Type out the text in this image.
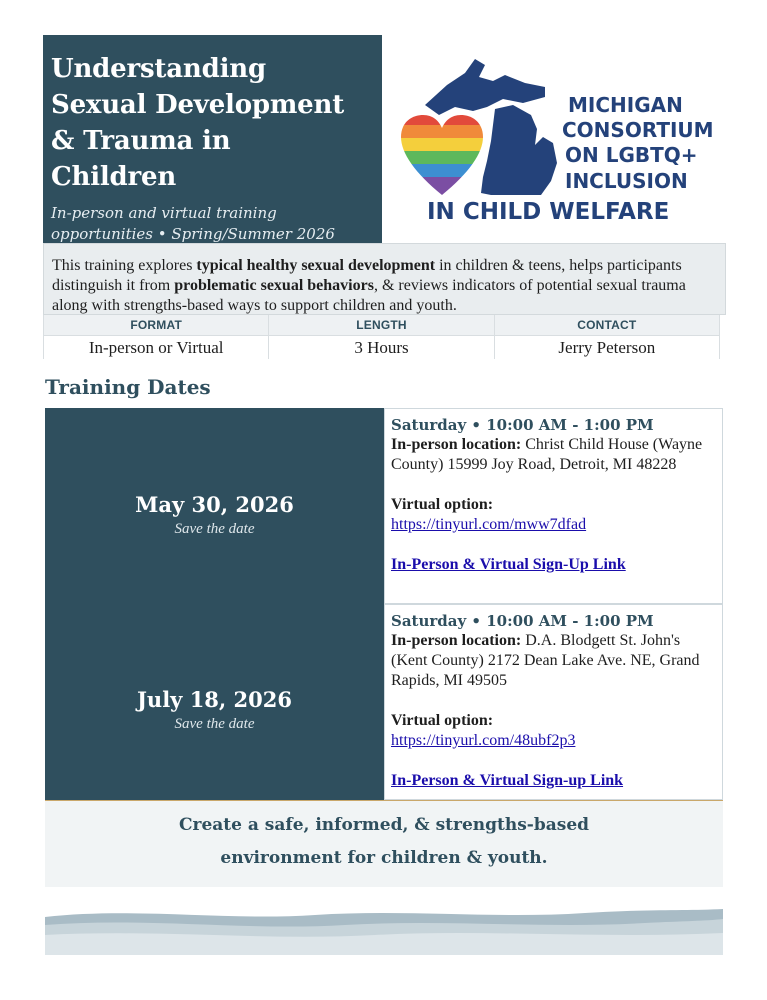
Understanding
Sexual Development
& Trauma in
Children
In-person and virtual training
opportunities • Spring/Summer 2026
MICHIGAN
CONSORTIUM
ON LGBTQ+
INCLUSION
IN CHILD WELFARE
This training explores typical healthy sexual development in children & teens, helps participants distinguish it from problematic sexual behaviors, & reviews indicators of potential sexual trauma along with strengths-based ways to support children and youth.
FORMAT
In-person or Virtual
LENGTH
3 Hours
CONTACT
Jerry Peterson
Training Dates
May 30, 2026
Save the date
July 18, 2026
Save the date
Saturday • 10:00 AM - 1:00 PM
In-person location: Christ Child House (Wayne County) 15999 Joy Road, Detroit, MI 48228
Virtual option:
https://tinyurl.com/mww7dfad
In-Person & Virtual Sign-Up Link
Saturday • 10:00 AM - 1:00 PM
In-person location: D.A. Blodgett St. John's (Kent County) 2172 Dean Lake Ave. NE, Grand Rapids, MI 49505
Virtual option:
https://tinyurl.com/48ubf2p3
In-Person & Virtual Sign-up Link
Create a safe, informed, & strengths-based
environment for children & youth.
